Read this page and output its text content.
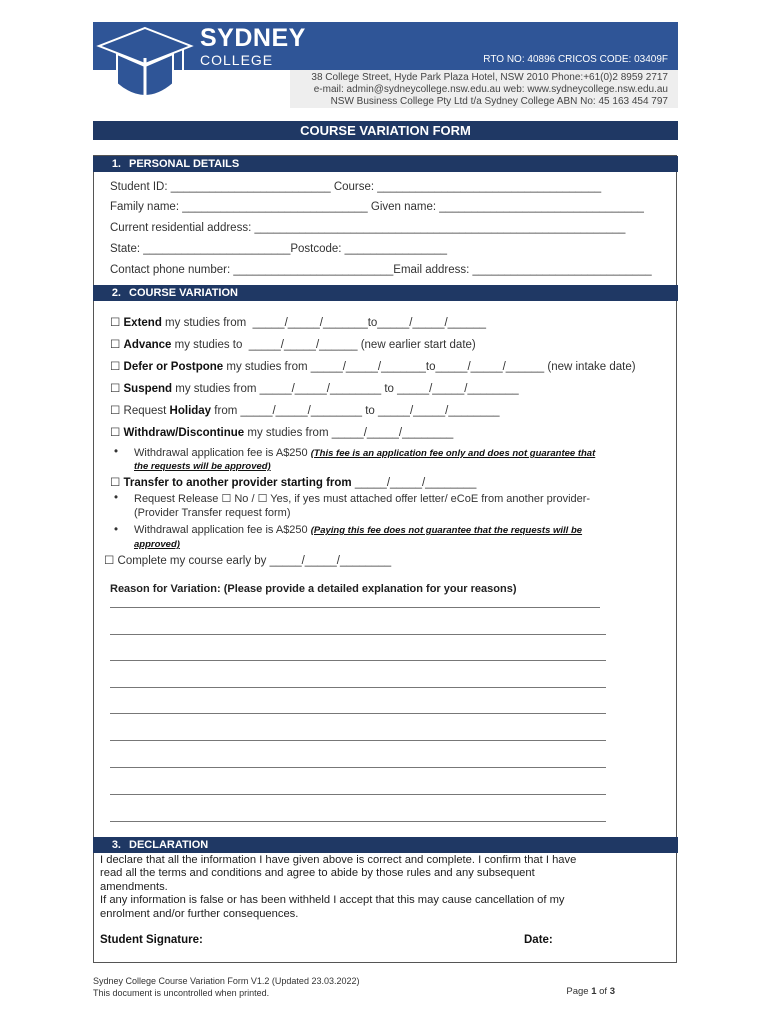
SYDNEY
COLLEGE	RTO NO: 40896 CRICOS CODE: 03409F
38 College Street, Hyde Park Plaza Hotel, NSW 2010 Phone:+61(0)2 8959 2717
e-mail: admin@sydneycollege.nsw.edu.au web: www.sydneycollege.nsw.edu.au
NSW Business College Pty Ltd t/a Sydney College ABN No: 45 163 454 797
COURSE VARIATION FORM
1. PERSONAL DETAILS
Student ID: _________________________ Course: ___________________________________
Family name: _____________________________ Given name: ________________________________
Current residential address: __________________________________________________________
State: _______________________Postcode: ________________
Contact phone number: _________________________Email address: ____________________________
2. COURSE VARIATION
☐ Extend my studies from  _____/_____/_______to_____/_____/______
☐ Advance my studies to  _____/_____/______ (new earlier start date)
☐ Defer or Postpone my studies from _____/_____/_______to_____/_____/______ (new intake date)
☐ Suspend my studies from _____/_____/________ to _____/_____/________
☐ Request Holiday from _____/_____/________ to _____/_____/________
☐ Withdraw/Discontinue my studies from _____/_____/________
• Withdrawal application fee is A$250 (This fee is an application fee only and does not guarantee that
the requests will be approved)
☐ Transfer to another provider starting from _____/_____/________
• Request Release ☐ No / ☐ Yes, if yes must attached offer letter/ eCoE from another provider-
(Provider Transfer request form)
• Withdrawal application fee is A$250 (Paying this fee does not guarantee that the requests will be
approved)
☐ Complete my course early by _____/_____/________
Reason for Variation: (Please provide a detailed explanation for your reasons)
3. DECLARATION
I declare that all the information I have given above is correct and complete. I confirm that I have
read all the terms and conditions and agree to abide by those rules and any subsequent
amendments.
If any information is false or has been withheld I accept that this may cause cancellation of my
enrolment and/or further consequences.
Student Signature:	Date:
Sydney College Course Variation Form V1.2 (Updated 23.03.2022)
This document is uncontrolled when printed.	Page 1 of 3
